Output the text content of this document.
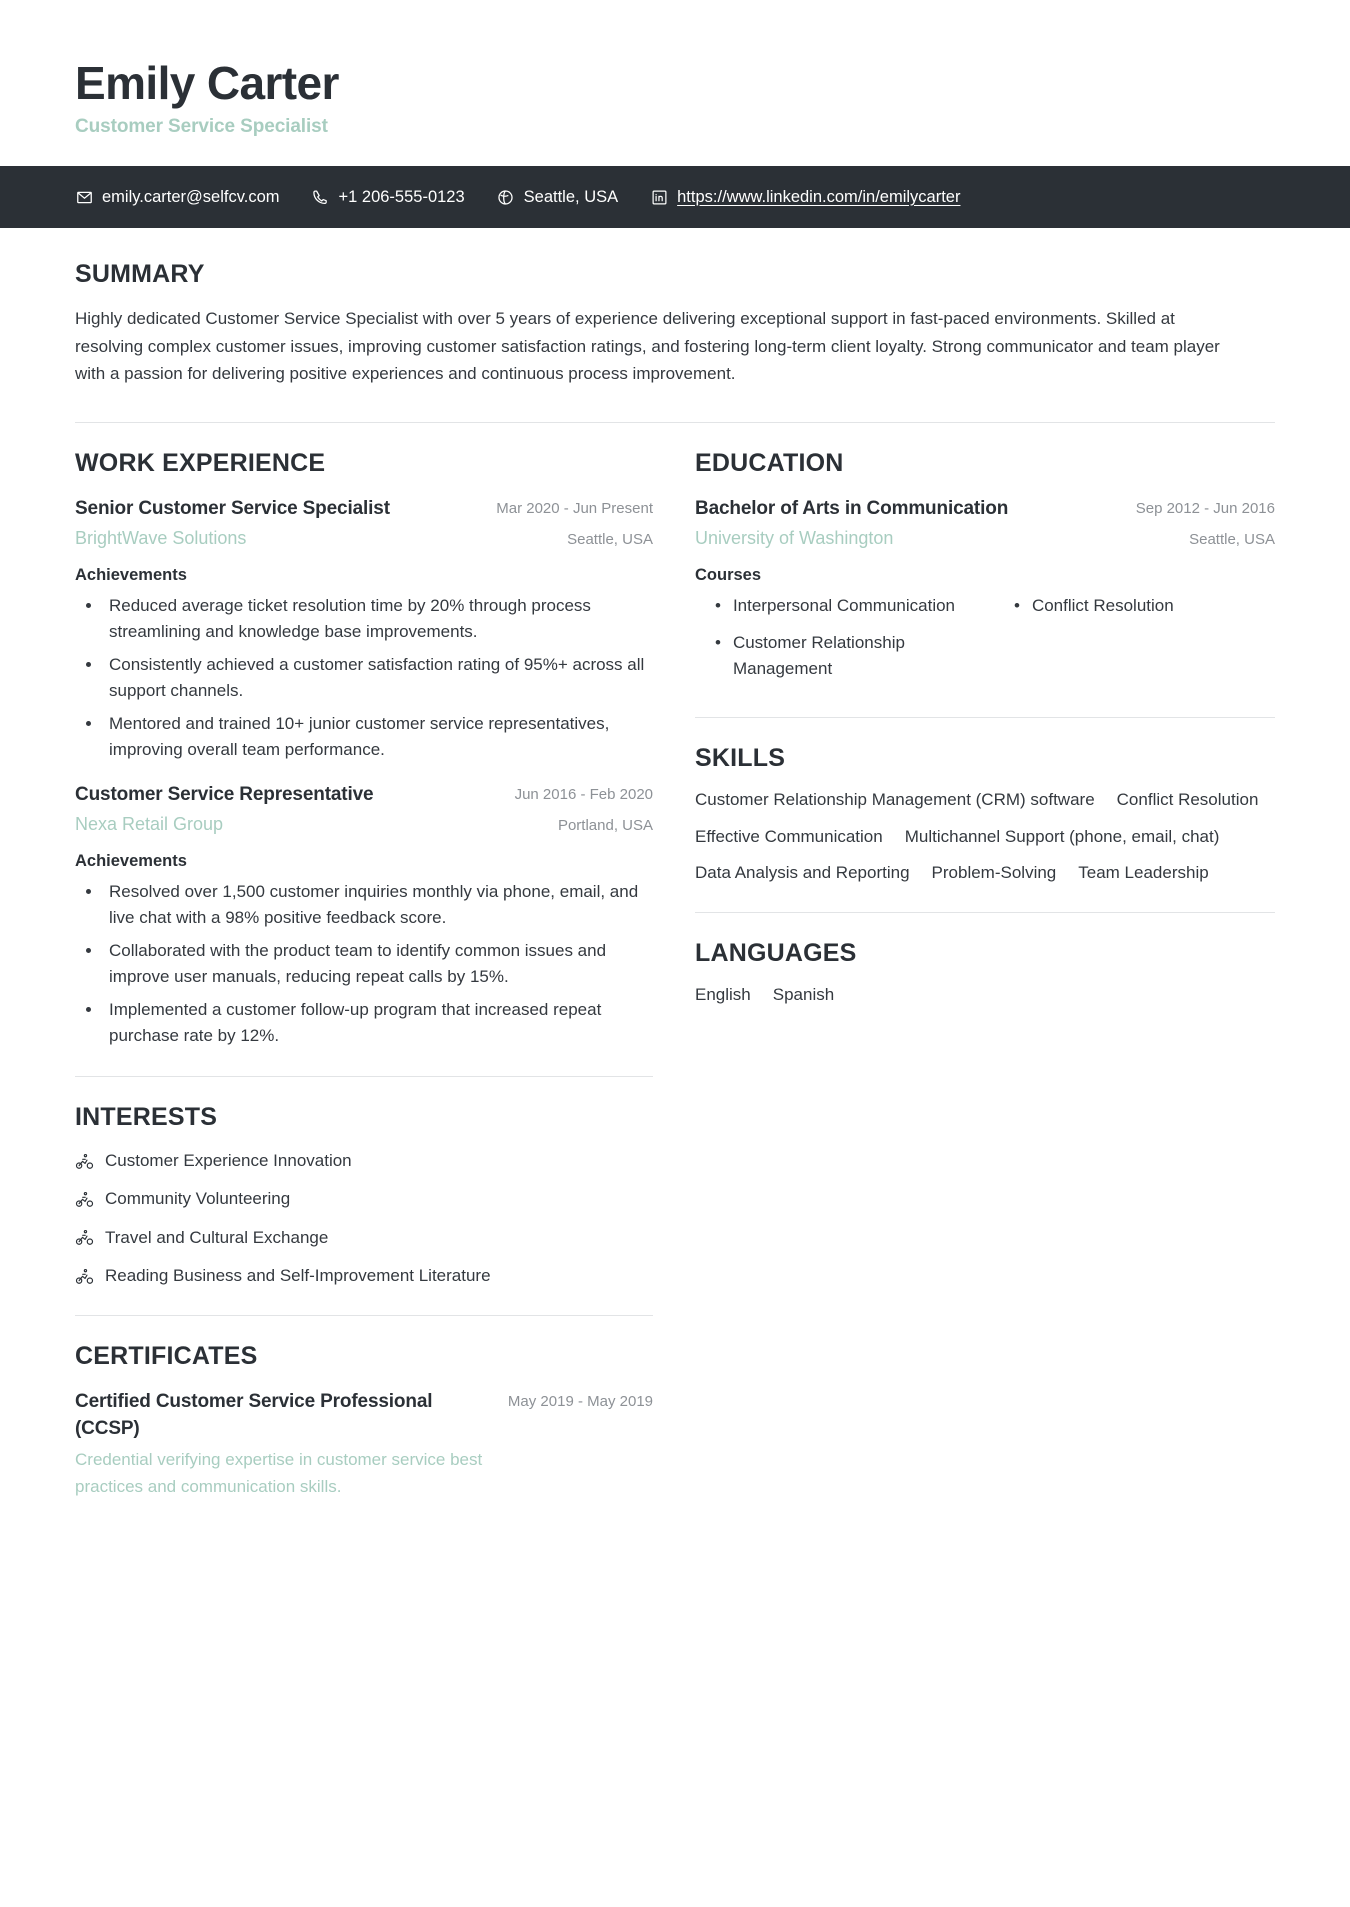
Emily Carter
Customer Service Specialist
emily.carter@selfcv.com	+1 206-555-0123	Seattle, USA	https://www.linkedin.com/in/emilycarter
SUMMARY

Highly dedicated Customer Service Specialist with over 5 years of experience delivering exceptional support in fast-paced environments. Skilled at resolving complex customer issues, improving customer satisfaction ratings, and fostering long-term client loyalty. Strong communicator and team player with a passion for delivering positive experiences and continuous process improvement.

WORK EXPERIENCE
Senior Customer Service Specialist	Mar 2020 - Jun Present
BrightWave Solutions	Seattle, USA
Achievements
• Reduced average ticket resolution time by 20% through process streamlining and knowledge base improvements.
• Consistently achieved a customer satisfaction rating of 95%+ across all support channels.
• Mentored and trained 10+ junior customer service representatives, improving overall team performance.
Customer Service Representative	Jun 2016 - Feb 2020
Nexa Retail Group	Portland, USA
Achievements
• Resolved over 1,500 customer inquiries monthly via phone, email, and live chat with a 98% positive feedback score.
• Collaborated with the product team to identify common issues and improve user manuals, reducing repeat calls by 15%.
• Implemented a customer follow-up program that increased repeat purchase rate by 12%.
INTERESTS
Customer Experience Innovation
Community Volunteering
Travel and Cultural Exchange
Reading Business and Self-Improvement Literature
CERTIFICATES
Certified Customer Service Professional (CCSP)
May 2019 - May 2019
Credential verifying expertise in customer service best practices and communication skills.
EDUCATION
Bachelor of Arts in Communication	Sep 2012 - Jun 2016
University of Washington	Seattle, USA
Courses
• Interpersonal Communication	• Conflict Resolution
• Customer Relationship Management
SKILLS
Customer Relationship Management (CRM) software Conflict Resolution
Effective Communication Multichannel Support (phone, email, chat)
Data Analysis and Reporting Problem-Solving Team Leadership
LANGUAGES
English Spanish
